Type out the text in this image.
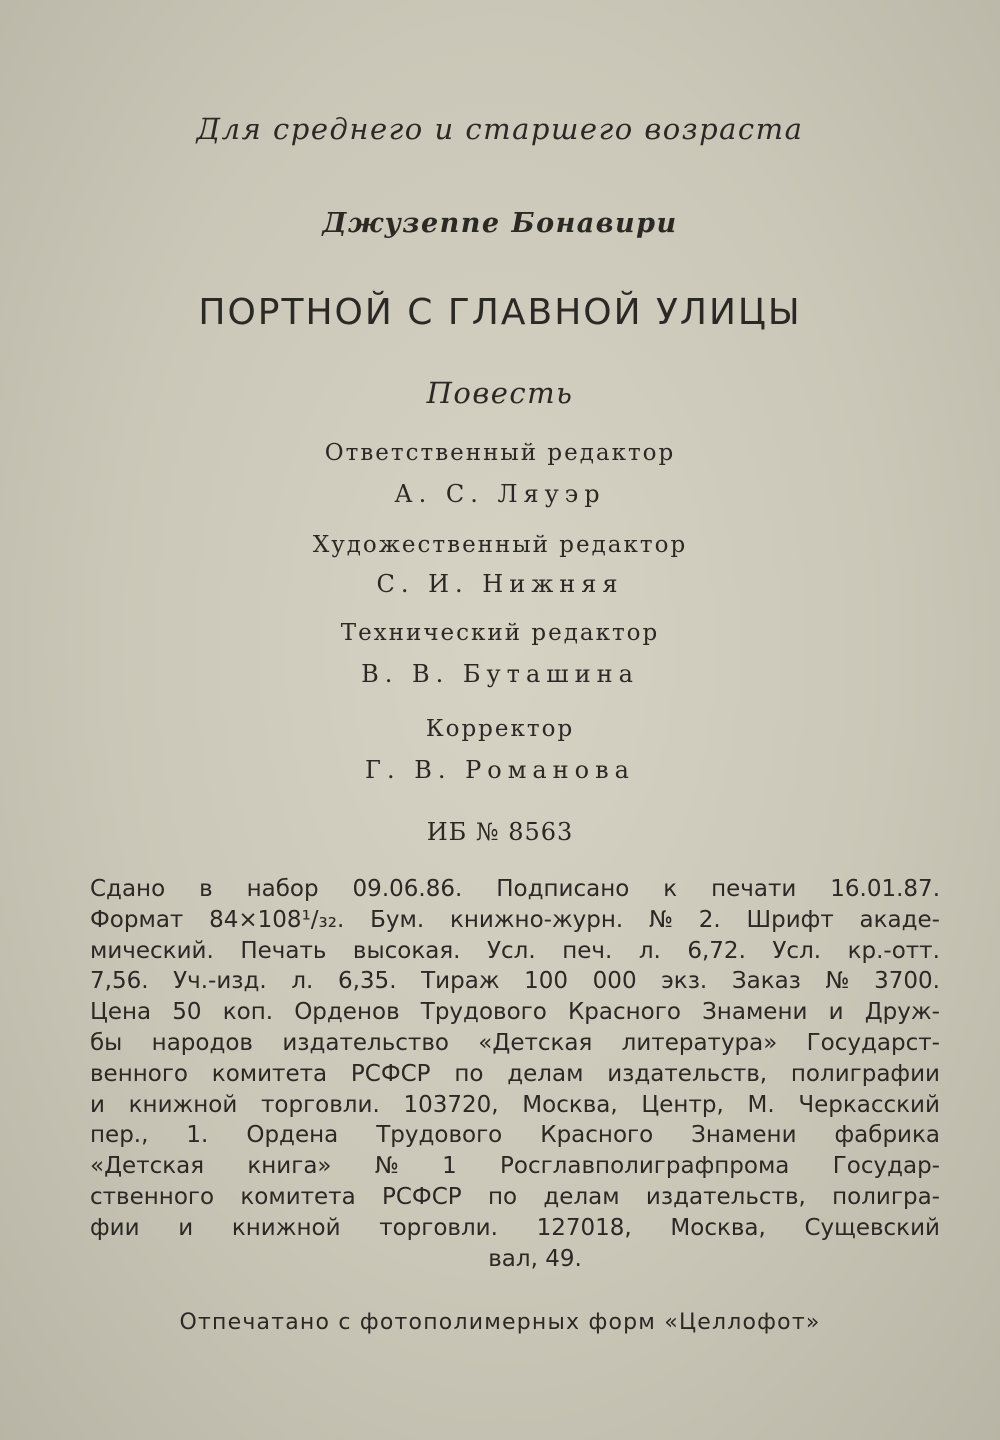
Для среднего и старшего возраста
Джузеппе Бонавири
ПОРТНОЙ С ГЛАВНОЙ УЛИЦЫ
Повесть
Ответственный редактор
А. С. Ляуэр
Художественный редактор
С. И. Нижняя
Технический редактор
В. В. Буташина
Корректор
Г. В. Романова
ИБ № 8563
Сдано в набор 09.06.86. Подписано к печати 16.01.87.
Формат 84×108¹/₃₂. Бум. книжно-журн. № 2. Шрифт акаде-
мический. Печать высокая. Усл. печ. л. 6,72. Усл. кр.-отт.
7,56. Уч.-изд. л. 6,35. Тираж 100 000 экз. Заказ № 3700.
Цена 50 коп. Орденов Трудового Красного Знамени и Друж-
бы народов издательство «Детская литература» Государст-
венного комитета РСФСР по делам издательств, полиграфии
и книжной торговли. 103720, Москва, Центр, М. Черкасский
пер., 1. Ордена Трудового Красного Знамени фабрика
«Детская книга» № 1 Росглавполиграфпрома Государ-
ственного комитета РСФСР по делам издательств, полигра-
фии и книжной торговли. 127018, Москва, Сущевский
вал, 49.
Отпечатано с фотополимерных форм «Целлофот»
